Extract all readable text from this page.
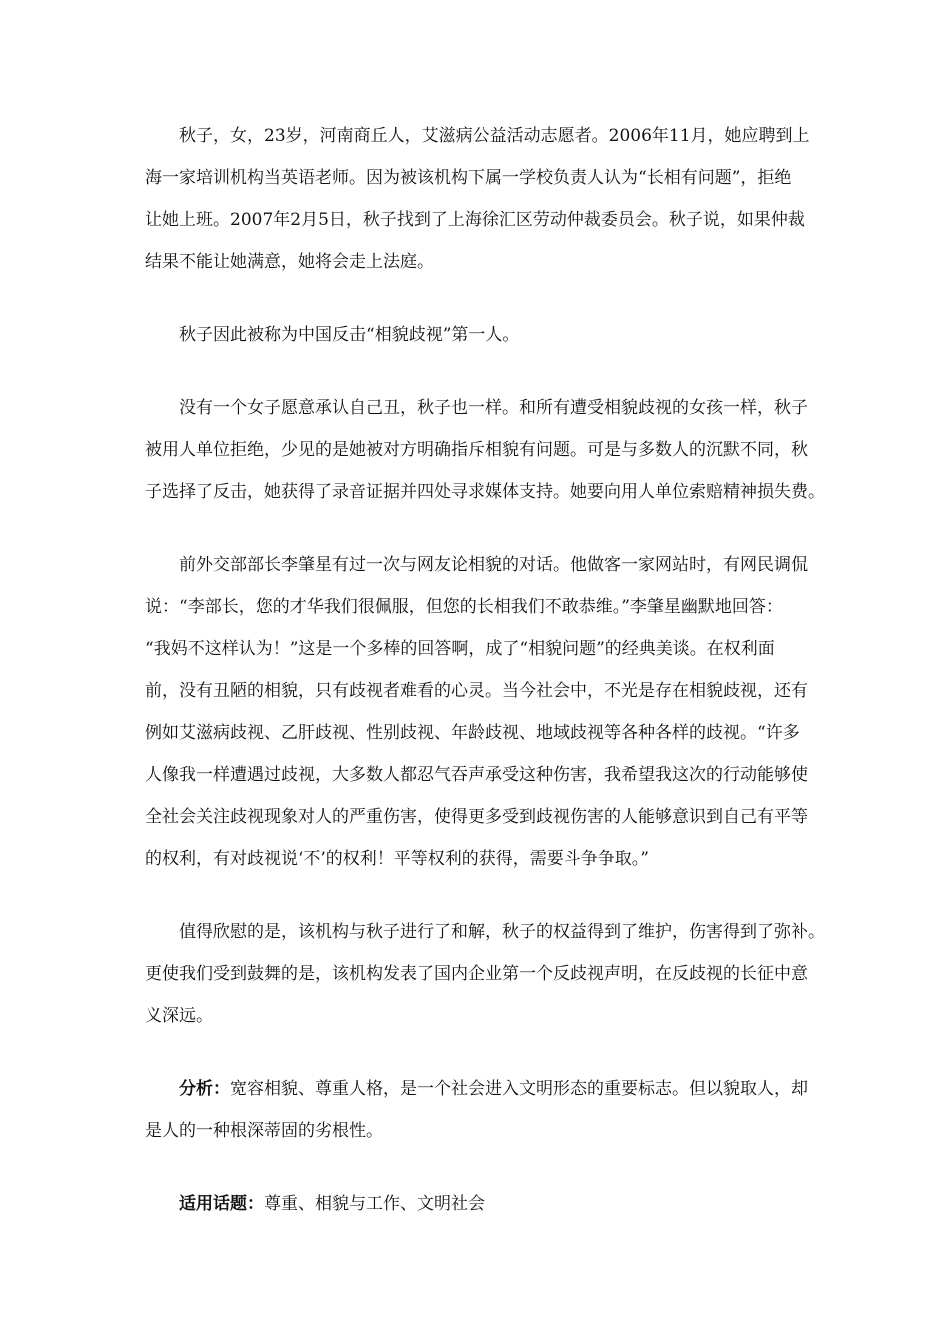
秋子，女，23岁，河南商丘人，艾滋病公益活动志愿者。2006年11月，她应聘到上
海一家培训机构当英语老师。因为被该机构下属一学校负责人认为“长相有问题”，拒绝
让她上班。2007年2月5日，秋子找到了上海徐汇区劳动仲裁委员会。秋子说，如果仲裁
结果不能让她满意，她将会走上法庭。
秋子因此被称为中国反击“相貌歧视”第一人。
没有一个女子愿意承认自己丑，秋子也一样。和所有遭受相貌歧视的女孩一样，秋子
被用人单位拒绝，少见的是她被对方明确指斥相貌有问题。可是与多数人的沉默不同，秋
子选择了反击，她获得了录音证据并四处寻求媒体支持。她要向用人单位索赔精神损失费。
前外交部部长李肇星有过一次与网友论相貌的对话。他做客一家网站时，有网民调侃
说：“李部长，您的才华我们很佩服，但您的长相我们不敢恭维。”李肇星幽默地回答：
“我妈不这样认为！”这是一个多棒的回答啊，成了“相貌问题”的经典美谈。在权利面
前，没有丑陋的相貌，只有歧视者难看的心灵。当今社会中，不光是存在相貌歧视，还有
例如艾滋病歧视、乙肝歧视、性别歧视、年龄歧视、地域歧视等各种各样的歧视。“许多
人像我一样遭遇过歧视，大多数人都忍气吞声承受这种伤害，我希望我这次的行动能够使
全社会关注歧视现象对人的严重伤害，使得更多受到歧视伤害的人能够意识到自己有平等
的权利，有对歧视说‘不’的权利！平等权利的获得，需要斗争争取。”
值得欣慰的是，该机构与秋子进行了和解，秋子的权益得到了维护，伤害得到了弥补。
更使我们受到鼓舞的是，该机构发表了国内企业第一个反歧视声明，在反歧视的长征中意
义深远。
分析：宽容相貌、尊重人格，是一个社会进入文明形态的重要标志。但以貌取人，却
是人的一种根深蒂固的劣根性。
适用话题：尊重、相貌与工作、文明社会
